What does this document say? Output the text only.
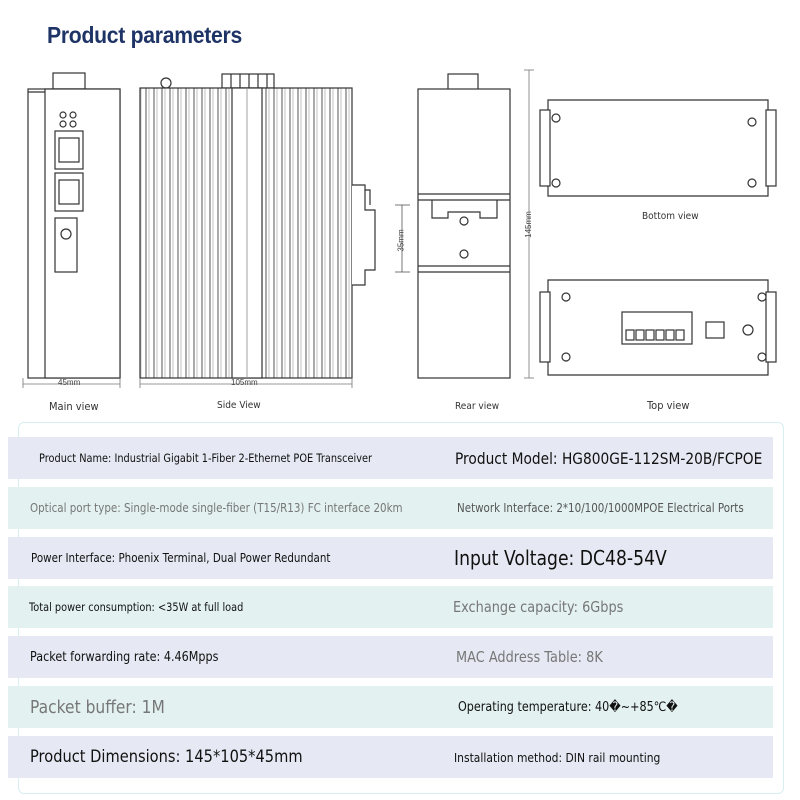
Product parameters
45mm	105mm
145mm
35mm
Main view	Side View	Rear view
Bottom view
Top view
Product Name: Industrial Gigabit 1-Fiber 2-Ethernet POE Transceiver	Product Model: HG800GE-112SM-20B/FCPOE
Optical port type: Single-mode single-fiber (T15/R13) FC interface 20km	Network Interface: 2*10/100/1000MPOE Electrical Ports
Power Interface: Phoenix Terminal, Dual Power Redundant	Input Voltage: DC48-54V
Total power consumption: <35W at full load	Exchange capacity: 6Gbps
Packet forwarding rate: 4.46Mpps	MAC Address Table: 8K
Packet buffer: 1M	Operating temperature: 40�~+85℃�
Product Dimensions: 145*105*45mm	Installation method: DIN rail mounting
